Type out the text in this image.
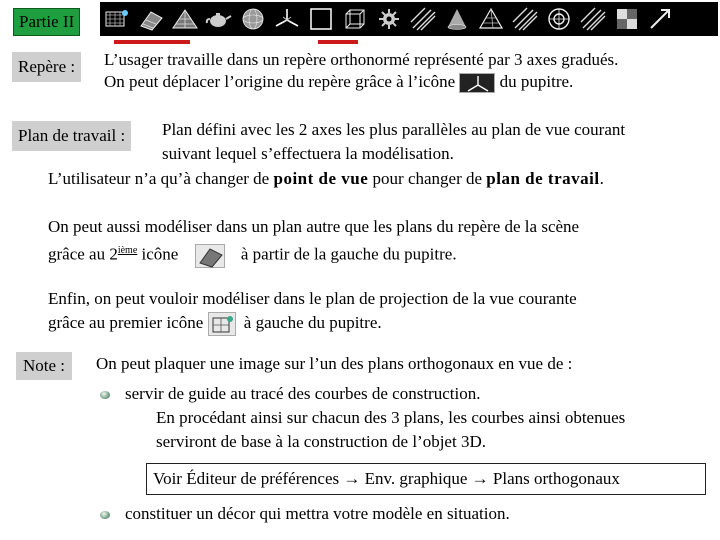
Partie II
Repère :	L’usager travaille dans un repère orthonormé représenté par 3 axes gradués.
On peut déplacer l’origine du repère grâce à l’icône	du pupitre.
Plan de travail :	Plan défini avec les 2 axes les plus parallèles au plan de vue courant
suivant lequel s’effectuera la modélisation.
L’utilisateur n’a qu’à changer de point de vue pour changer de plan de travail.
On peut aussi modéliser dans un plan autre que les plans du repère de la scène
grâce au 2ième icône	à partir de la gauche du pupitre.
Enfin, on peut vouloir modéliser dans le plan de projection de la vue courante
grâce au premier icône à gauche du pupitre.
Note :	On peut plaquer une image sur l’un des plans orthogonaux en vue de :
servir de guide au tracé des courbes de construction.
En procédant ainsi sur chacun des 3 plans, les courbes ainsi obtenues
serviront de base à la construction de l’objet 3D.
Voir Éditeur de préférences → Env. graphique → Plans orthogonaux
constituer un décor qui mettra votre modèle en situation.
